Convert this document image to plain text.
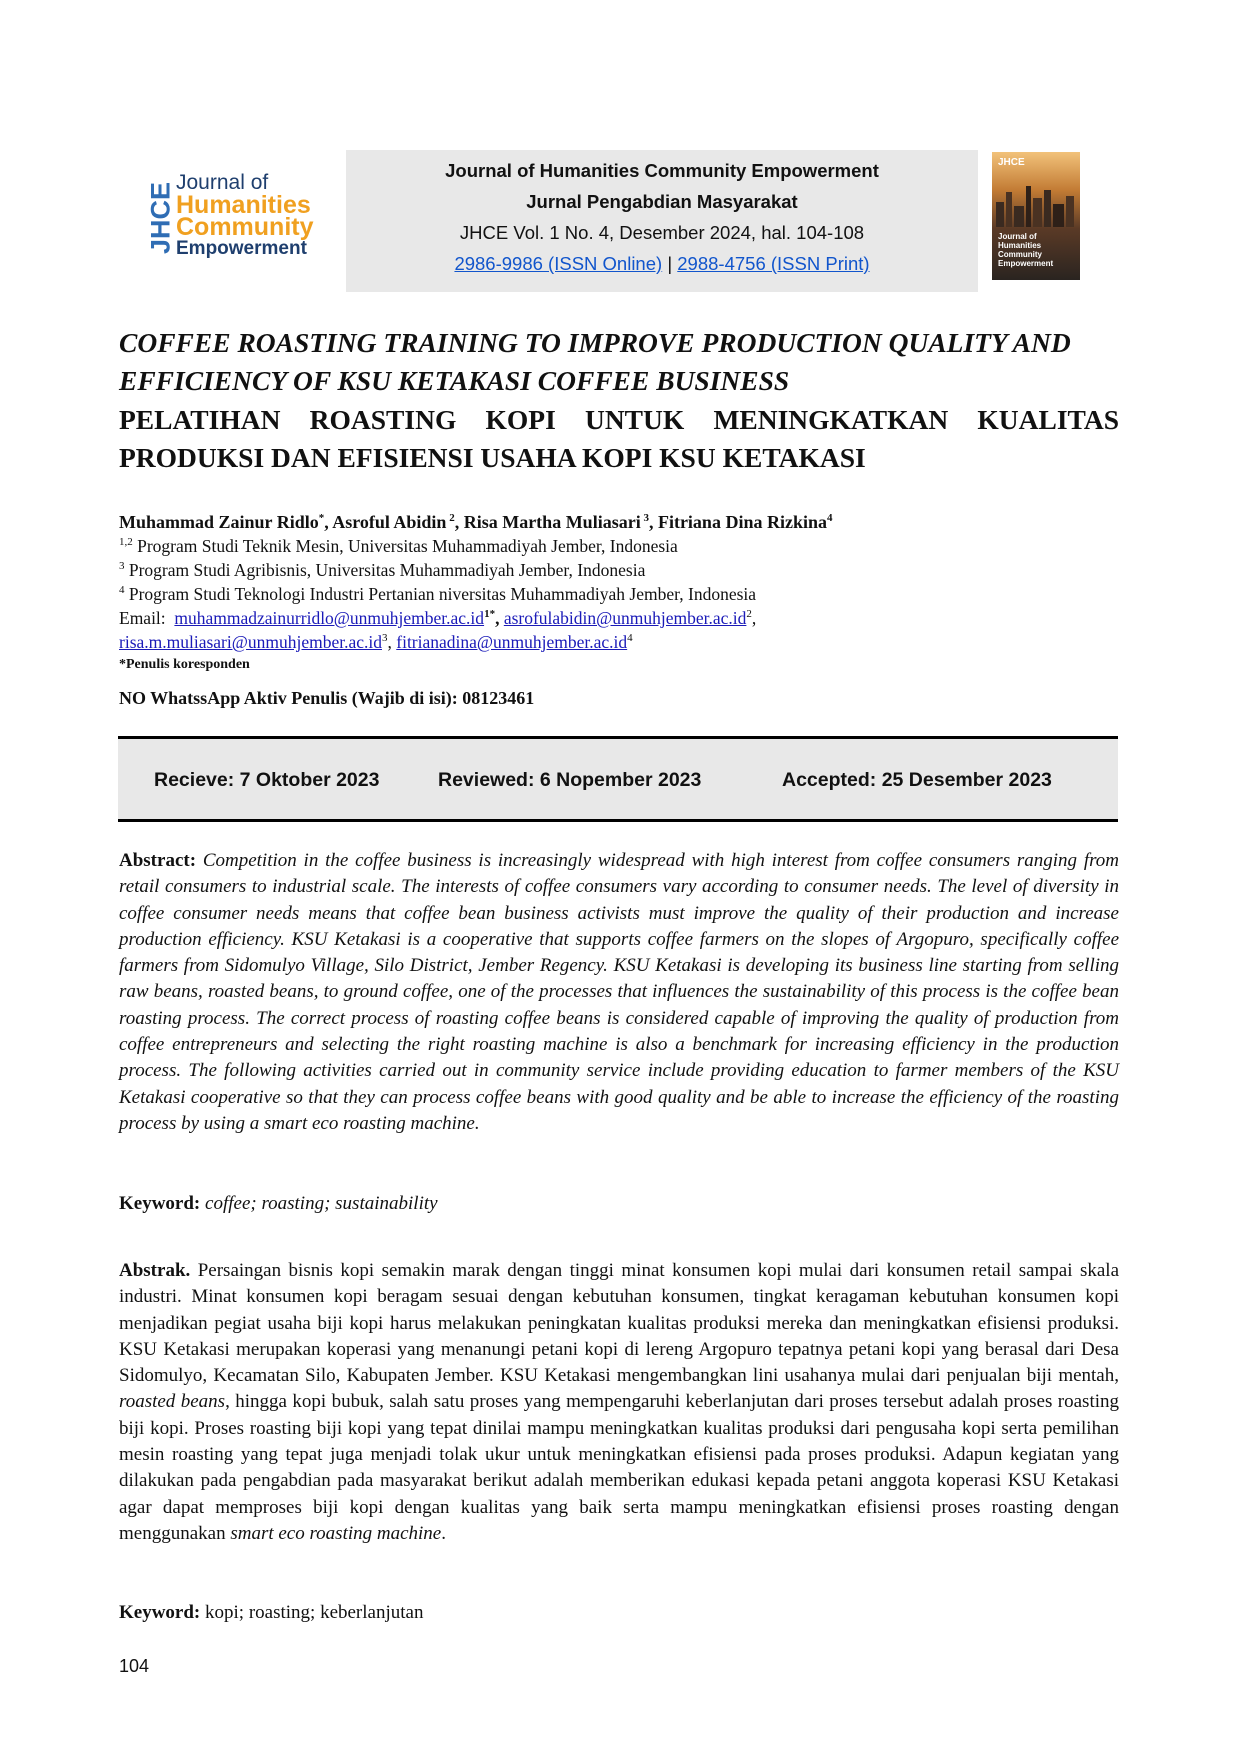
JHCE Journal of
Humanities
Community
Empowerment
Journal of Humanities Community Empowerment
Jurnal Pengabdian Masyarakat
JHCE Vol. 1 No. 4, Desember 2024, hal. 104-108
2986-9986 (ISSN Online) | 2988-4756 (ISSN Print)
JHCE
Journal of Humanities Community Empowerment
COFFEE ROASTING TRAINING TO IMPROVE PRODUCTION QUALITY AND
EFFICIENCY OF KSU KETAKASI COFFEE BUSINESS
PELATIHAN ROASTING KOPI UNTUK MENINGKATKAN KUALITAS
PRODUKSI DAN EFISIENSI USAHA KOPI KSU KETAKASI
Muhammad Zainur Ridlo*, Asroful Abidin $^2$, Risa Martha Muliasari $^3$, Fitriana Dina Rizkina$^4$
$^{1,2}$ Program Studi Teknik Mesin, Universitas Muhammadiyah Jember, Indonesia
$^3$ Program Studi Agribisnis, Universitas Muhammadiyah Jember, Indonesia
$^4$ Program Studi Teknologi Industri Pertanian niversitas Muhammadiyah Jember, Indonesia
Email: $muhammadzainurridlo@unmuhjember.ac.id^{1*}$, $asrofulabidin@unmuhjember.ac.id^2$,
$risa.m.muliasari@unmuhjember.ac.id^3$, $fitrianadina@unmuhjember.ac.id^4$
*Penulis koresponden
NO WhatssApp Aktiv Penulis (Wajib di isi): 08123461
Recieve: 7 Oktober 2023	Reviewed: 6 Nopember 2023	Accepted: 25 Desember 2023
Abstract: Competition in the coffee business is increasingly widespread with high interest from coffee consumers ranging from retail consumers to industrial scale. The interests of coffee consumers vary according to consumer needs. The level of diversity in coffee consumer needs means that coffee bean business activists must improve the quality of their production and increase production efficiency. KSU Ketakasi is a cooperative that supports coffee farmers on the slopes of Argopuro, specifically coffee farmers from Sidomulyo Village, Silo District, Jember Regency. KSU Ketakasi is developing its business line starting from selling raw beans, roasted beans, to ground coffee, one of the processes that influences the sustainability of this process is the coffee bean roasting process. The correct process of roasting coffee beans is considered capable of improving the quality of production from coffee entrepreneurs and selecting the right roasting machine is also a benchmark for increasing efficiency in the production process. The following activities carried out in community service include providing education to farmer members of the KSU Ketakasi cooperative so that they can process coffee beans with good quality and be able to increase the efficiency of the roasting process by using a smart eco roasting machine.
Keyword: coffee; roasting; sustainability
Abstrak. Persaingan bisnis kopi semakin marak dengan tinggi minat konsumen kopi mulai dari konsumen retail sampai skala industri. Minat konsumen kopi beragam sesuai dengan kebutuhan konsumen, tingkat keragaman kebutuhan konsumen kopi menjadikan pegiat usaha biji kopi harus melakukan peningkatan kualitas produksi mereka dan meningkatkan efisiensi produksi. KSU Ketakasi merupakan koperasi yang menanungi petani kopi di lereng Argopuro tepatnya petani kopi yang berasal dari Desa Sidomulyo, Kecamatan Silo, Kabupaten Jember. KSU Ketakasi mengembangkan lini usahanya mulai dari penjualan biji mentah, roasted beans, hingga kopi bubuk, salah satu proses yang mempengaruhi keberlanjutan dari proses tersebut adalah proses roasting biji kopi. Proses roasting biji kopi yang tepat dinilai mampu meningkatkan kualitas produksi dari pengusaha kopi serta pemilihan mesin roasting yang tepat juga menjadi tolak ukur untuk meningkatkan efisiensi pada proses produksi. Adapun kegiatan yang dilakukan pada pengabdian pada masyarakat berikut adalah memberikan edukasi kepada petani anggota koperasi KSU Ketakasi agar dapat memproses biji kopi dengan kualitas yang baik serta mampu meningkatkan efisiensi proses roasting dengan menggunakan smart eco roasting machine.
Keyword: kopi; roasting; keberlanjutan
104
